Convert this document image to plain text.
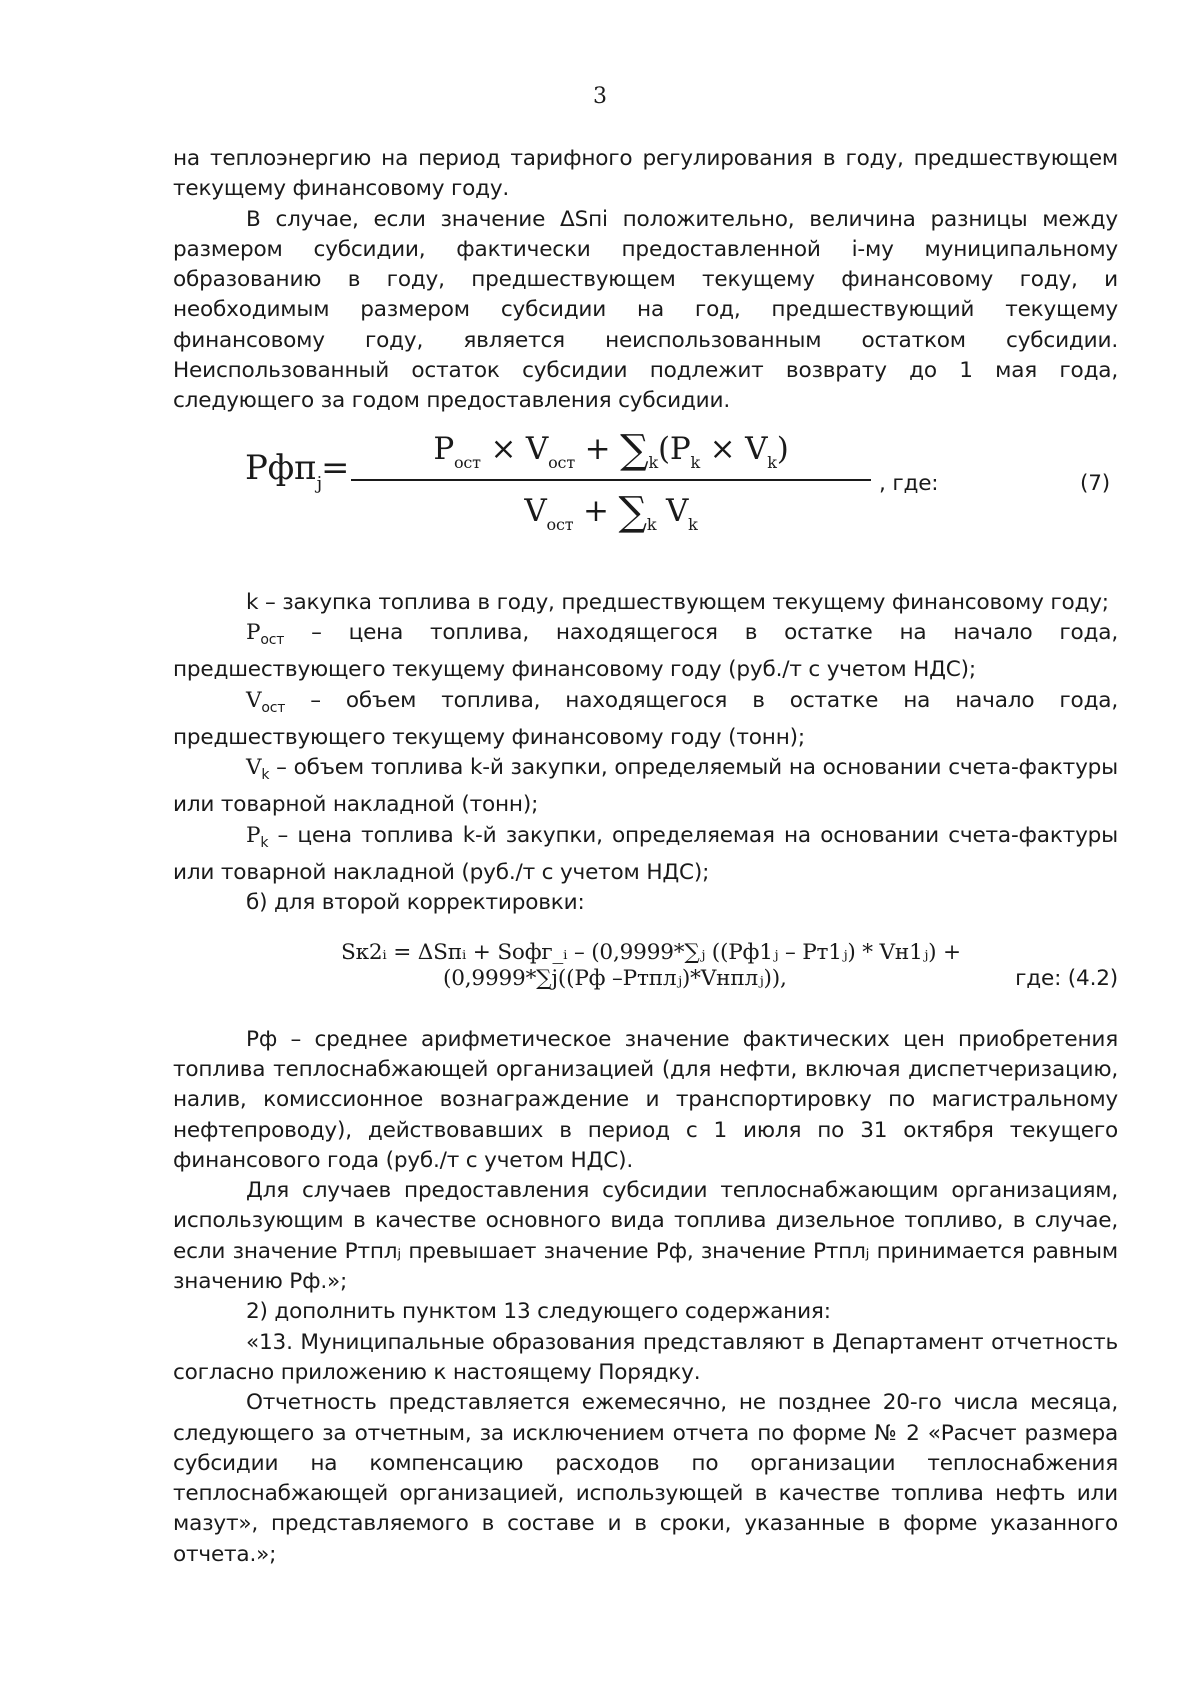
3

на теплоэнергию на период тарифного регулирования в году, предшествующем текущему финансовому году.

В случае, если значение ΔSпi положительно, величина разницы между размером субсидии, фактически предоставленной i-му муниципальному образованию в году, предшествующем текущему финансовому году, и необходимым размером субсидии на год, предшествующий текущему финансовому году, является неиспользованным остатком субсидии. Неиспользованный остаток субсидии подлежит возврату до 1 мая года, следующего за годом предоставления субсидии.

Рфп$_j$ =	$P_{ост} \times V_{ост} + \sum_k(P_k \times V_k)$
$V_{ост} + \sum_k$ $V_k$
, где:	(7)

k – закупка топлива в году, предшествующем текущему финансовому году;

$P_{ост}$ – цена топлива, находящегося в остатке на начало года, предшествующего текущему финансовому году (руб./т с учетом НДС);

$V_{ост}$ – объем топлива, находящегося в остатке на начало года, предшествующего текущему финансовому году (тонн);

$V_k$ – объем топлива k-й закупки, определяемый на основании счета-фактуры или товарной накладной (тонн);

$P_k$ – цена топлива k-й закупки, определяемая на основании счета-фактуры или товарной накладной (руб./т с учетом НДС);

б) для второй корректировки:

Sк2ᵢ = ΔSпᵢ + Sофг_ᵢ – (0,9999*∑ⱼ ((Рф1ⱼ – Рт1ⱼ) * Vн1ⱼ) +
(0,9999*∑j((Рф –Ртплⱼ)*Vнплⱼ)),	где: (4.2)

Рф – среднее арифметическое значение фактических цен приобретения топлива теплоснабжающей организацией (для нефти, включая диспетчеризацию, налив, комиссионное вознаграждение и транспортировку по магистральному нефтепроводу), действовавших в период с 1 июля по 31 октября текущего финансового года (руб./т с учетом НДС).

Для случаев предоставления субсидии теплоснабжающим организациям, использующим в качестве основного вида топлива дизельное топливо, в случае, если значение Ртплⱼ превышает значение Рф, значение Ртплⱼ принимается равным значению Рф.»;

2) дополнить пунктом 13 следующего содержания:

«13. Муниципальные образования представляют в Департамент отчетность согласно приложению к настоящему Порядку.

Отчетность представляется ежемесячно, не позднее 20-го числа месяца, следующего за отчетным, за исключением отчета по форме № 2 «Расчет размера субсидии на компенсацию расходов по организации теплоснабжения теплоснабжающей организацией, использующей в качестве топлива нефть или мазут», представляемого в составе и в сроки, указанные в форме указанного отчета.»;
